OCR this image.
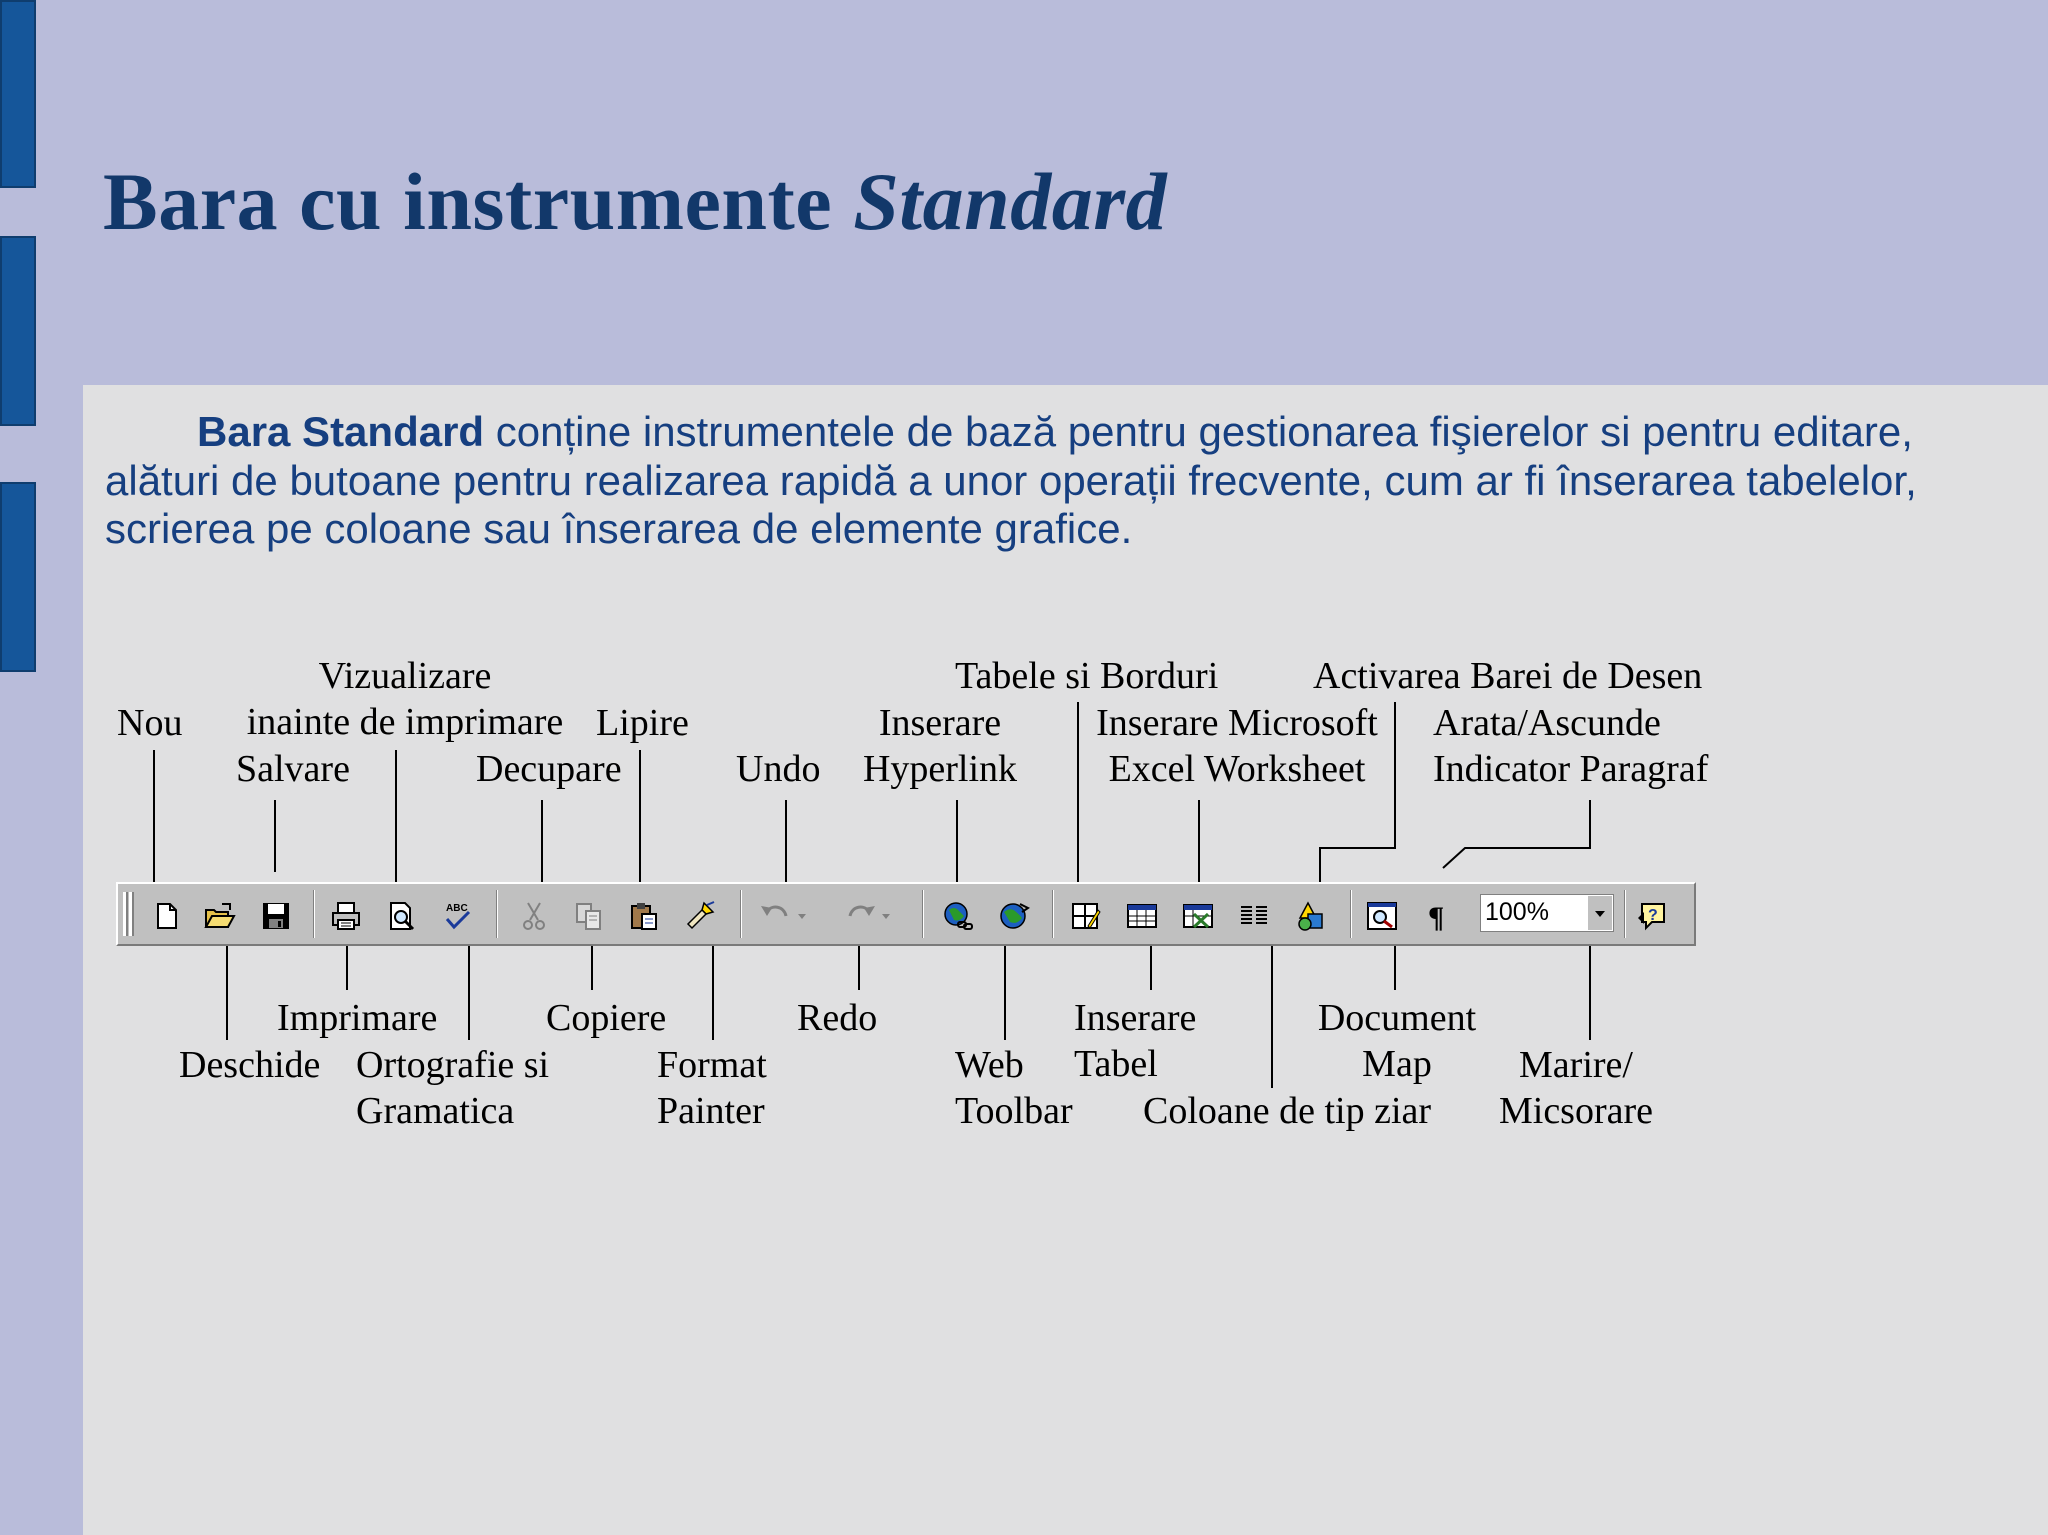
Bara cu instrumente Standard
Bara Standard conține instrumentele de bază pentru gestionarea fişierelor si pentru editare, alături de butoane pentru realizarea rapidă a unor operații frecvente, cum ar fi înserarea tabelelor, scrierea pe coloane sau înserarea de elemente grafice.
Nou
Vizualizare
inainte de imprimare
Salvare
Lipire
Decupare	Undo
Inserare
Hyperlink
Tabele si Borduri
Inserare Microsoft
Excel Worksheet
Activarea Barei de Desen
Arata/Ascunde
Indicator Paragraf
ABC	¶ 100%	?
Imprimare
Deschide Ortografie si
Gramatica
Copiere
Format
Painter
Redo
Web
Toolbar
Inserare
Tabel
Coloane de tip ziar
Document
Map	Marire/
Micsorare
